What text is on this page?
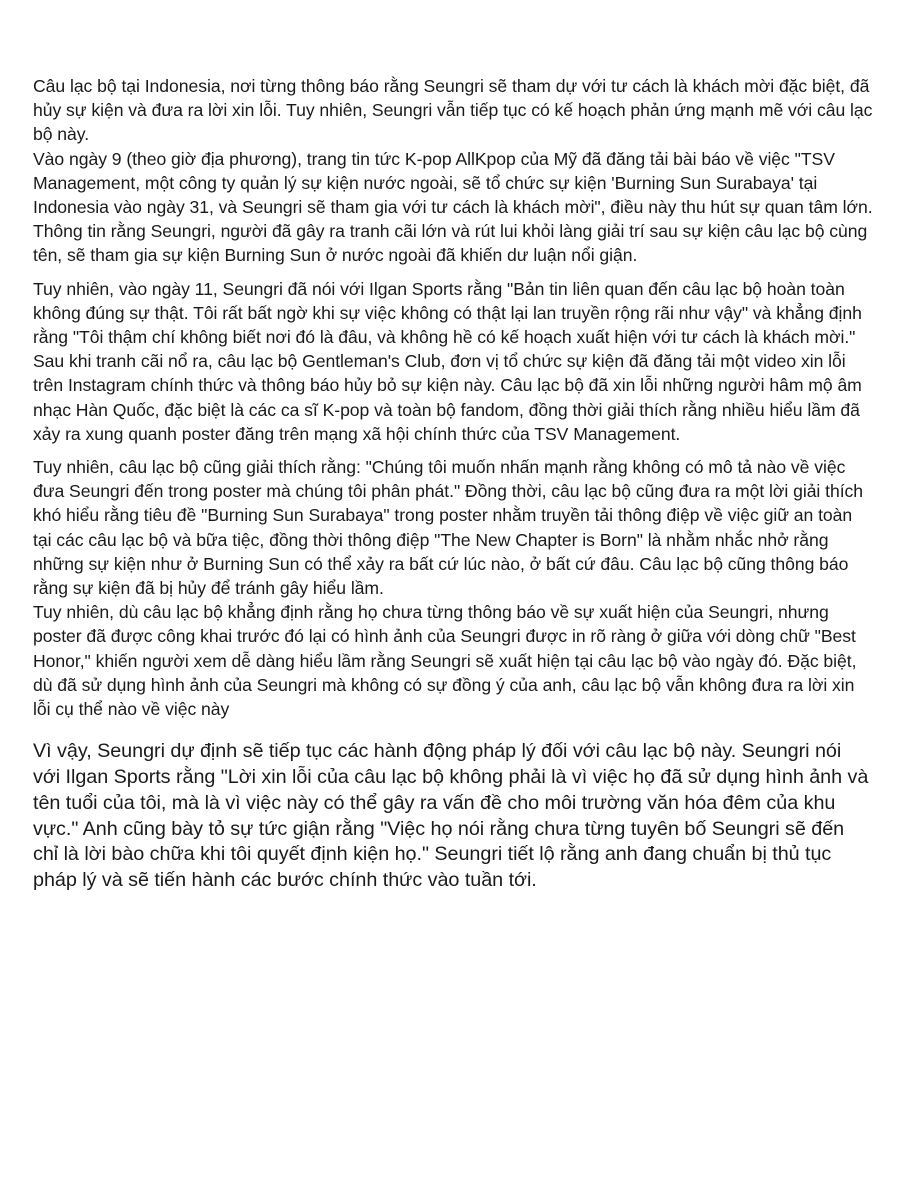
Câu lạc bộ tại Indonesia, nơi từng thông báo rằng Seungri sẽ tham dự với tư cách là khách mời đặc biệt, đã hủy sự kiện và đưa ra lời xin lỗi. Tuy nhiên, Seungri vẫn tiếp tục có kế hoạch phản ứng mạnh mẽ với câu lạc bộ này.

Vào ngày 9 (theo giờ địa phương), trang tin tức K-pop AllKpop của Mỹ đã đăng tải bài báo về việc "TSV Management, một công ty quản lý sự kiện nước ngoài, sẽ tổ chức sự kiện 'Burning Sun Surabaya' tại Indonesia vào ngày 31, và Seungri sẽ tham gia với tư cách là khách mời", điều này thu hút sự quan tâm lớn. Thông tin rằng Seungri, người đã gây ra tranh cãi lớn và rút lui khỏi làng giải trí sau sự kiện câu lạc bộ cùng tên, sẽ tham gia sự kiện Burning Sun ở nước ngoài đã khiến dư luận nổi giận.

Tuy nhiên, vào ngày 11, Seungri đã nói với Ilgan Sports rằng "Bản tin liên quan đến câu lạc bộ hoàn toàn không đúng sự thật. Tôi rất bất ngờ khi sự việc không có thật lại lan truyền rộng rãi như vậy" và khẳng định rằng "Tôi thậm chí không biết nơi đó là đâu, và không hề có kế hoạch xuất hiện với tư cách là khách mời."

Sau khi tranh cãi nổ ra, câu lạc bộ Gentleman's Club, đơn vị tổ chức sự kiện đã đăng tải một video xin lỗi trên Instagram chính thức và thông báo hủy bỏ sự kiện này. Câu lạc bộ đã xin lỗi những người hâm mộ âm nhạc Hàn Quốc, đặc biệt là các ca sĩ K-pop và toàn bộ fandom, đồng thời giải thích rằng nhiều hiểu lầm đã xảy ra xung quanh poster đăng trên mạng xã hội chính thức của TSV Management.

Tuy nhiên, câu lạc bộ cũng giải thích rằng: "Chúng tôi muốn nhấn mạnh rằng không có mô tả nào về việc đưa Seungri đến trong poster mà chúng tôi phân phát." Đồng thời, câu lạc bộ cũng đưa ra một lời giải thích khó hiểu rằng tiêu đề "Burning Sun Surabaya" trong poster nhằm truyền tải thông điệp về việc giữ an toàn tại các câu lạc bộ và bữa tiệc, đồng thời thông điệp "The New Chapter is Born" là nhằm nhắc nhở rằng những sự kiện như ở Burning Sun có thể xảy ra bất cứ lúc nào, ở bất cứ đâu. Câu lạc bộ cũng thông báo rằng sự kiện đã bị hủy để tránh gây hiểu lầm.

Tuy nhiên, dù câu lạc bộ khẳng định rằng họ chưa từng thông báo về sự xuất hiện của Seungri, nhưng poster đã được công khai trước đó lại có hình ảnh của Seungri được in rõ ràng ở giữa với dòng chữ "Best Honor," khiến người xem dễ dàng hiểu lầm rằng Seungri sẽ xuất hiện tại câu lạc bộ vào ngày đó. Đặc biệt, dù đã sử dụng hình ảnh của Seungri mà không có sự đồng ý của anh, câu lạc bộ vẫn không đưa ra lời xin lỗi cụ thể nào về việc này

Vì vậy, Seungri dự định sẽ tiếp tục các hành động pháp lý đối với câu lạc bộ này. Seungri nói với Ilgan Sports rằng "Lời xin lỗi của câu lạc bộ không phải là vì việc họ đã sử dụng hình ảnh và tên tuổi của tôi, mà là vì việc này có thể gây ra vấn đề cho môi trường văn hóa đêm của khu vực." Anh cũng bày tỏ sự tức giận rằng "Việc họ nói rằng chưa từng tuyên bố Seungri sẽ đến chỉ là lời bào chữa khi tôi quyết định kiện họ." Seungri tiết lộ rằng anh đang chuẩn bị thủ tục pháp lý và sẽ tiến hành các bước chính thức vào tuần tới.
